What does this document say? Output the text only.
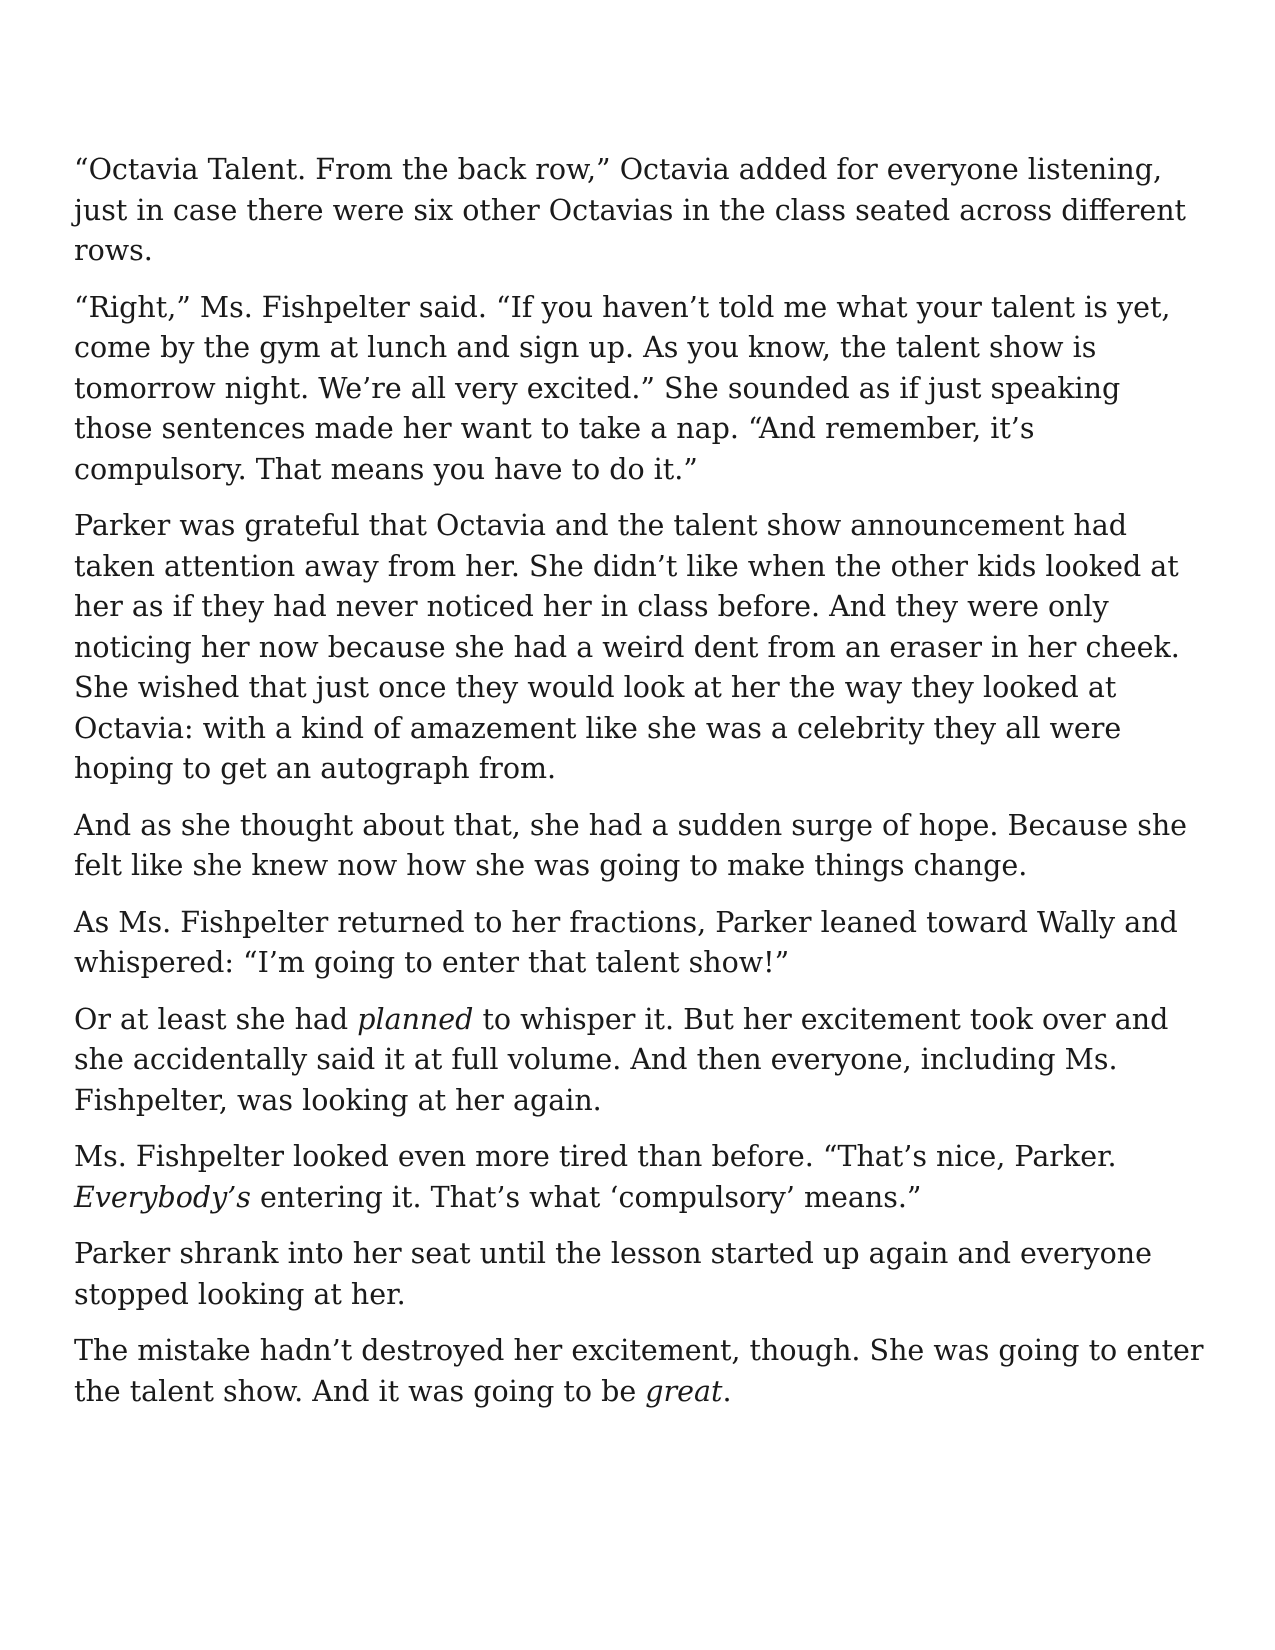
“Octavia Talent. From the back row,” Octavia added for everyone listening, just in case there were six other Octavias in the class seated across different rows.

“Right,” Ms. Fishpelter said. “If you haven’t told me what your talent is yet, come by the gym at lunch and sign up. As you know, the talent show is tomorrow night. We’re all very excited.” She sounded as if just speaking those sentences made her want to take a nap. “And remember, it’s compulsory. That means you have to do it.”

Parker was grateful that Octavia and the talent show announcement had taken attention away from her. She didn’t like when the other kids looked at her as if they had never noticed her in class before. And they were only noticing her now because she had a weird dent from an eraser in her cheek. She wished that just once they would look at her the way they looked at Octavia: with a kind of amazement like she was a celebrity they all were hoping to get an autograph from.

And as she thought about that, she had a sudden surge of hope. Because she felt like she knew now how she was going to make things change.

As Ms. Fishpelter returned to her fractions, Parker leaned toward Wally and whispered: “I’m going to enter that talent show!”

Or at least she had planned to whisper it. But her excitement took over and she accidentally said it at full volume. And then everyone, including Ms. Fishpelter, was looking at her again.

Ms. Fishpelter looked even more tired than before. “That’s nice, Parker. Everybody’s entering it. That’s what ‘compulsory’ means.”

Parker shrank into her seat until the lesson started up again and everyone stopped looking at her.

The mistake hadn’t destroyed her excitement, though. She was going to enter the talent show. And it was going to be great.
